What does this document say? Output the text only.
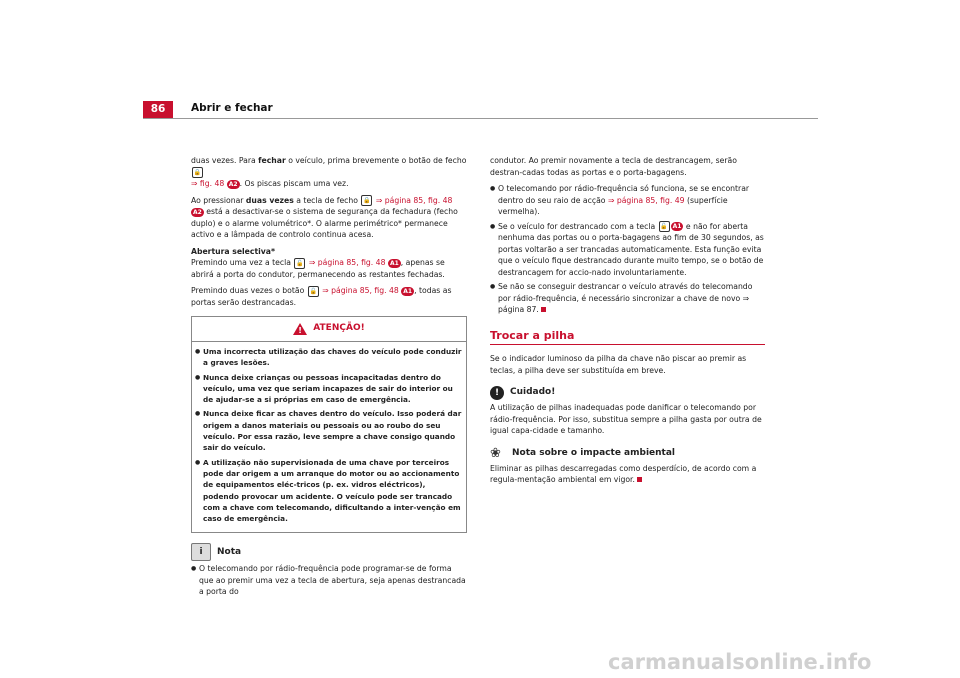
86	Abrir e fechar

duas vezes. Para fechar o veículo, prima brevemente o botão de fecho 🔒
⇒ fig. 48 A2 . Os piscas piscam uma vez.

Ao pressionar duas vezes a tecla de fecho 🔒 ⇒ página 85, fig. 48 A2 está a desactivar-se o sistema de segurança da fechadura (fecho duplo) e o alarme volumétrico*. O alarme perimétrico* permanece activo e a lâmpada de controlo continua acesa.

Abertura selectiva*

Premindo uma vez a tecla 🔓 ⇒ página 85, fig. 48 A1 , apenas se abrirá a porta do condutor, permanecendo as restantes fechadas.

Premindo duas vezes o botão 🔓 ⇒ página 85, fig. 48 A1 , todas as portas serão destrancadas.

! ATENÇÃO!
● Uma incorrecta utilização das chaves do veículo pode conduzir a graves lesões.
● Nunca deixe crianças ou pessoas incapacitadas dentro do veículo, uma vez que seriam incapazes de sair do interior ou de ajudar-se a si próprias em caso de emergência.
● Nunca deixe ficar as chaves dentro do veículo. Isso poderá dar origem a danos materiais ou pessoais ou ao roubo do seu veículo. Por essa razão, leve sempre a chave consigo quando sair do veículo.
● A utilização não supervisionada de uma chave por terceiros pode dar origem a um arranque do motor ou ao accionamento de equipamentos eléc-tricos (p. ex. vidros eléctricos), podendo provocar um acidente. O veículo pode ser trancado com a chave com telecomando, dificultando a inter-venção em caso de emergência.
i	Nota
● O telecomando por rádio-frequência pode programar-se de forma que ao premir uma vez a tecla de abertura, seja apenas destrancada a porta do

condutor. Ao premir novamente a tecla de destrancagem, serão destran-cadas todas as portas e o porta-bagagens.

● O telecomando por rádio-frequência só funciona, se se encontrar dentro do seu raio de acção ⇒ página 85, fig. 49 (superfície vermelha).
● Se o veículo for destrancado com a tecla 🔓 A1 e não for aberta nenhuma das portas ou o porta-bagagens ao fim de 30 segundos, as portas voltarão a ser trancadas automaticamente. Esta função evita que o veículo fique destrancado durante muito tempo, se o botão de destrancagem for accio-nado involuntariamente.
● Se não se conseguir destrancar o veículo através do telecomando por rádio-frequência, é necessário sincronizar a chave de novo ⇒ página 87.
Trocar a pilha

Se o indicador luminoso da pilha da chave não piscar ao premir as teclas, a pilha deve ser substituída em breve.

!	Cuidado!

A utilização de pilhas inadequadas pode danificar o telecomando por rádio-frequência. Por isso, substitua sempre a pilha gasta por outra de igual capa-cidade e tamanho.

❀	Nota sobre o impacte ambiental

Eliminar as pilhas descarregadas como desperdício, de acordo com a regula-mentação ambiental em vigor.

carmanualsonline.info
